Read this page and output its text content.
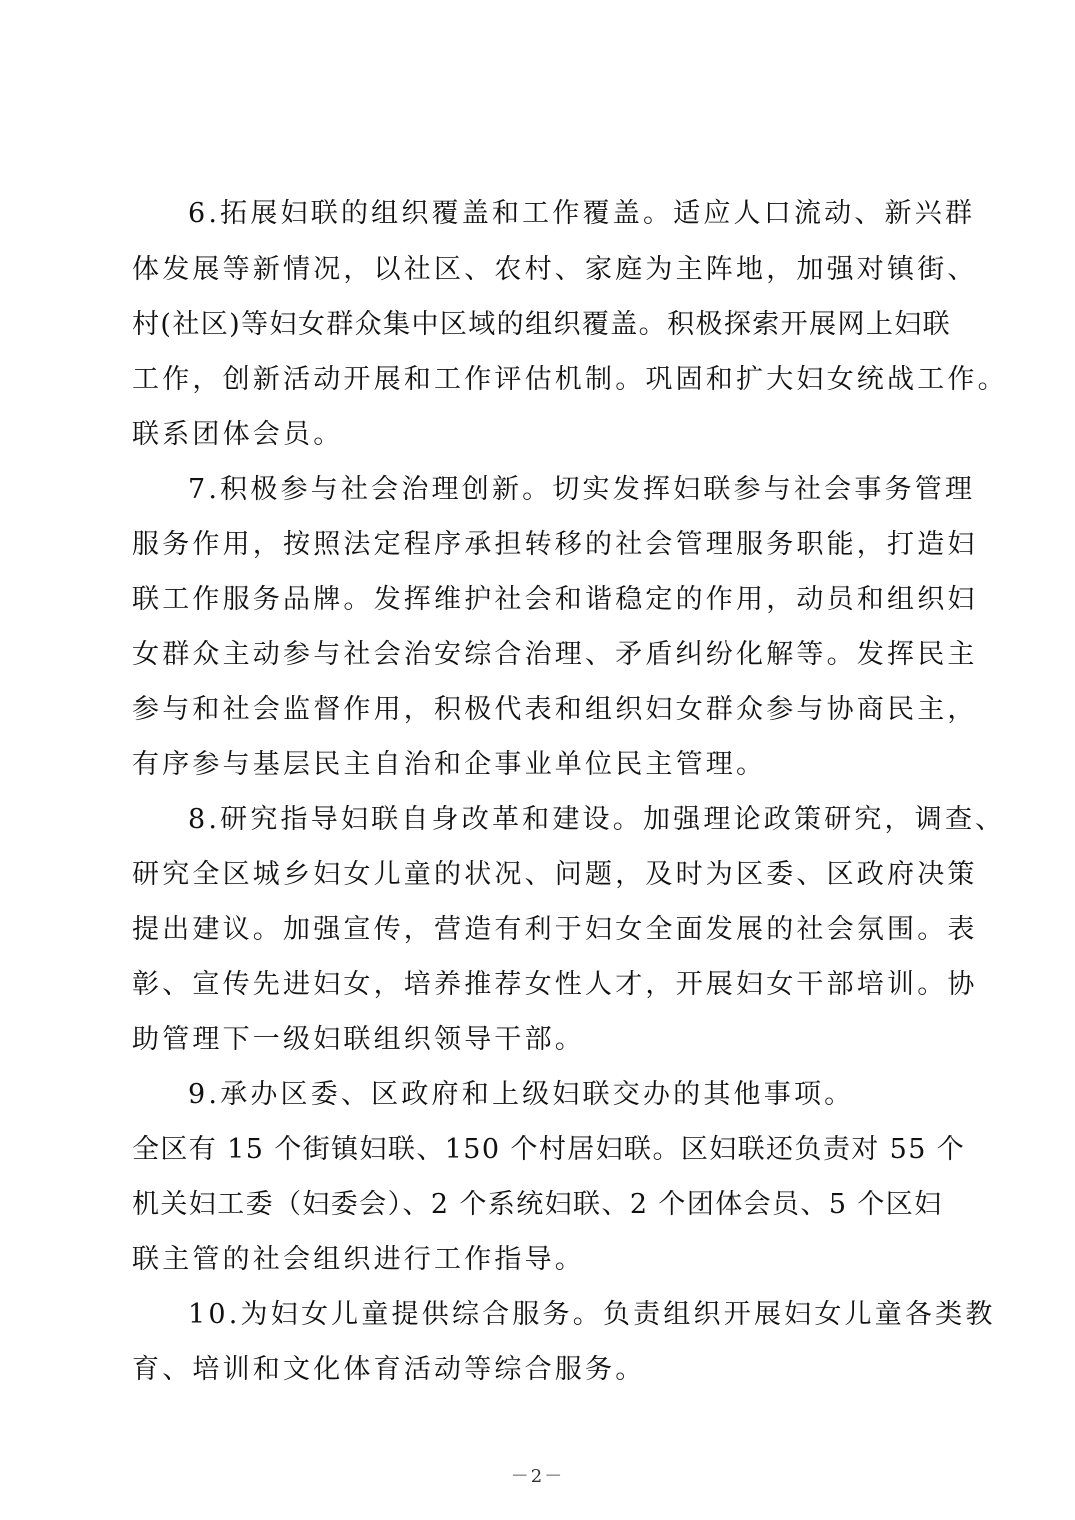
6.拓展妇联的组织覆盖和工作覆盖。适应人口流动、新兴群
体发展等新情况，以社区、农村、家庭为主阵地，加强对镇街、
村(社区)等妇女群众集中区域的组织覆盖。积极探索开展网上妇联
工作，创新活动开展和工作评估机制。巩固和扩大妇女统战工作。
联系团体会员。
7.积极参与社会治理创新。切实发挥妇联参与社会事务管理
服务作用，按照法定程序承担转移的社会管理服务职能，打造妇
联工作服务品牌。发挥维护社会和谐稳定的作用，动员和组织妇
女群众主动参与社会治安综合治理、矛盾纠纷化解等。发挥民主
参与和社会监督作用，积极代表和组织妇女群众参与协商民主，
有序参与基层民主自治和企事业单位民主管理。
8.研究指导妇联自身改革和建设。加强理论政策研究，调查、
研究全区城乡妇女儿童的状况、问题，及时为区委、区政府决策
提出建议。加强宣传，营造有利于妇女全面发展的社会氛围。表
彰、宣传先进妇女，培养推荐女性人才，开展妇女干部培训。协
助管理下一级妇联组织领导干部。
9.承办区委、区政府和上级妇联交办的其他事项。
全区有 15 个街镇妇联、150 个村居妇联。区妇联还负责对 55 个
机关妇工委（妇委会）、2 个系统妇联、2 个团体会员、5 个区妇
联主管的社会组织进行工作指导。
10.为妇女儿童提供综合服务。负责组织开展妇女儿童各类教
育、培训和文化体育活动等综合服务。
－2－
